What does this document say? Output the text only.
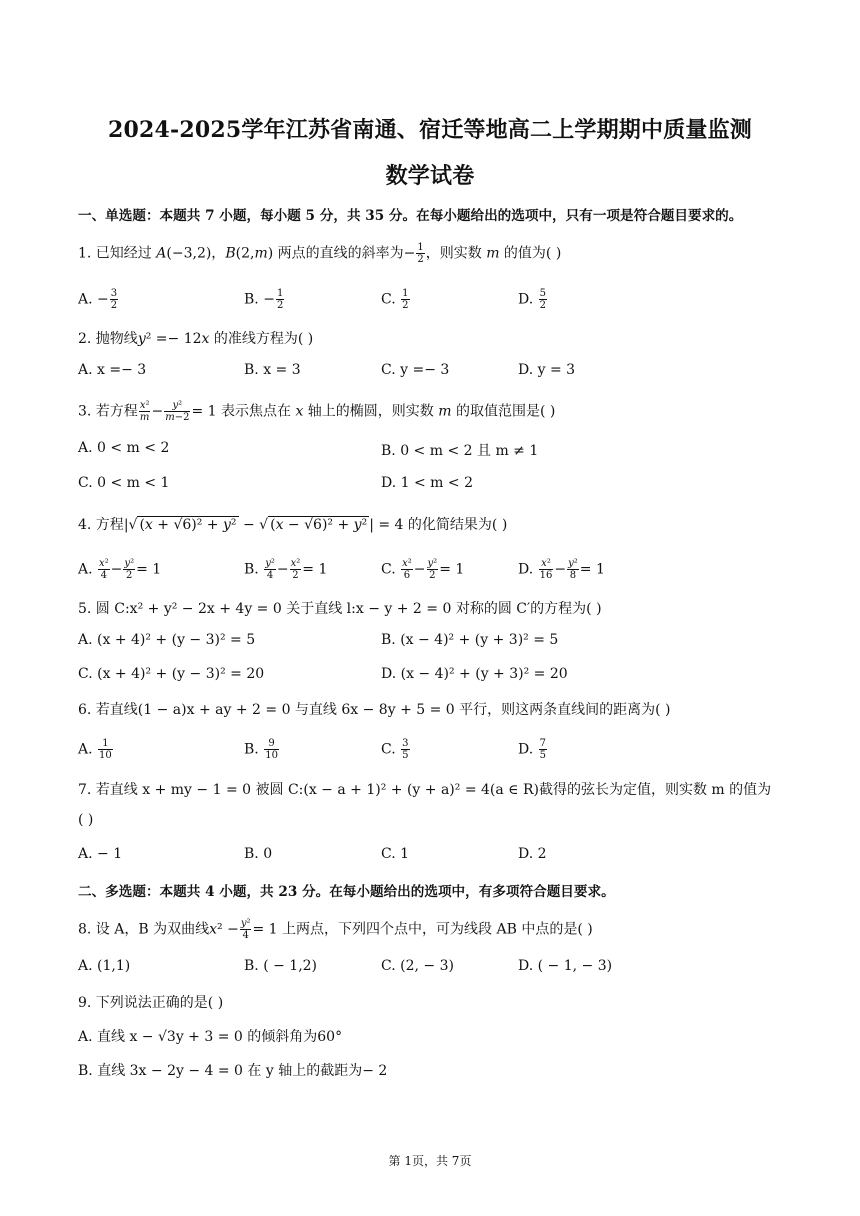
2024-2025学年江苏省南通、宿迁等地高二上学期期中质量监测
数学试卷
一、单选题：本题共 7 小题，每小题 5 分，共 35 分。在每小题给出的选项中，只有一项是符合题目要求的。
1. 已知经过 A(−3,2)，B(2,m) 两点的直线的斜率为− $\frac{1}{2}$ ，则实数 m 的值为( )
A. − $\frac{3}{2}$	B. − $\frac{1}{2}$	C. $\frac{1}{2}$	D. $\frac{5}{2}$
2. 抛物线y² =− 12x 的准线方程为( )
A. x =− 3	B. x = 3	C. y =− 3	D. y = 3
3. 若方程 $\frac{\text{x²}}{m} - \frac{\text{y²}}{m-2} = 1$ 表示焦点在 x 轴上的椭圆，则实数 m 的取值范围是( )
A. 0 < m < 2	B. 0 < m < 2 且 m ≠ 1
C. 0 < m < 1	D. 1 < m < 2
4. 方程|√ (x + √6)² + y² − √ (x − √6)² + y² | = 4 的化简结果为( )
A. $\frac{\text{x²}}{4} - \frac{\text{y²}}{2} = 1$	B. $\frac{\text{y²}}{4} - \frac{\text{x²}}{2} = 1$	C. $\frac{\text{x²}}{6} - \frac{\text{y²}}{2} = 1$	D. $\frac{\text{x²}}{16} - \frac{\text{y²}}{8} = 1$
5. 圆 C:x² + y² − 2x + 4y = 0 关于直线 l:x − y + 2 = 0 对称的圆 C′的方程为( )
A. (x + 4)² + (y − 3)² = 5	B. (x − 4)² + (y + 3)² = 5
C. (x + 4)² + (y − 3)² = 20	D. (x − 4)² + (y + 3)² = 20
6. 若直线(1 − a)x + ay + 2 = 0 与直线 6x − 8y + 5 = 0 平行，则这两条直线间的距离为( )
A. $\frac{1}{10}$	B. $\frac{9}{10}$	C. $\frac{3}{5}$	D. $\frac{7}{5}$
7. 若直线 x + my − 1 = 0 被圆 C:(x − a + 1)² + (y + a)² = 4(a ∈ R)截得的弦长为定值，则实数 m 的值为
( )
A. − 1	B. 0	C. 1	D. 2
二、多选题：本题共 4 小题，共 23 分。在每小题给出的选项中，有多项符合题目要求。
8. 设 A，B 为双曲线$x^2 - \frac{\text{y²}}{4} = 1$ 上两点，下列四个点中，可为线段 AB 中点的是( )
A. (1,1)	B. ( − 1,2)	C. (2, − 3)	D. ( − 1, − 3)
9. 下列说法正确的是( )
A. 直线 x − √3y + 3 = 0 的倾斜角为60°
B. 直线 3x − 2y − 4 = 0 在 y 轴上的截距为− 2
第 1页，共 7页
